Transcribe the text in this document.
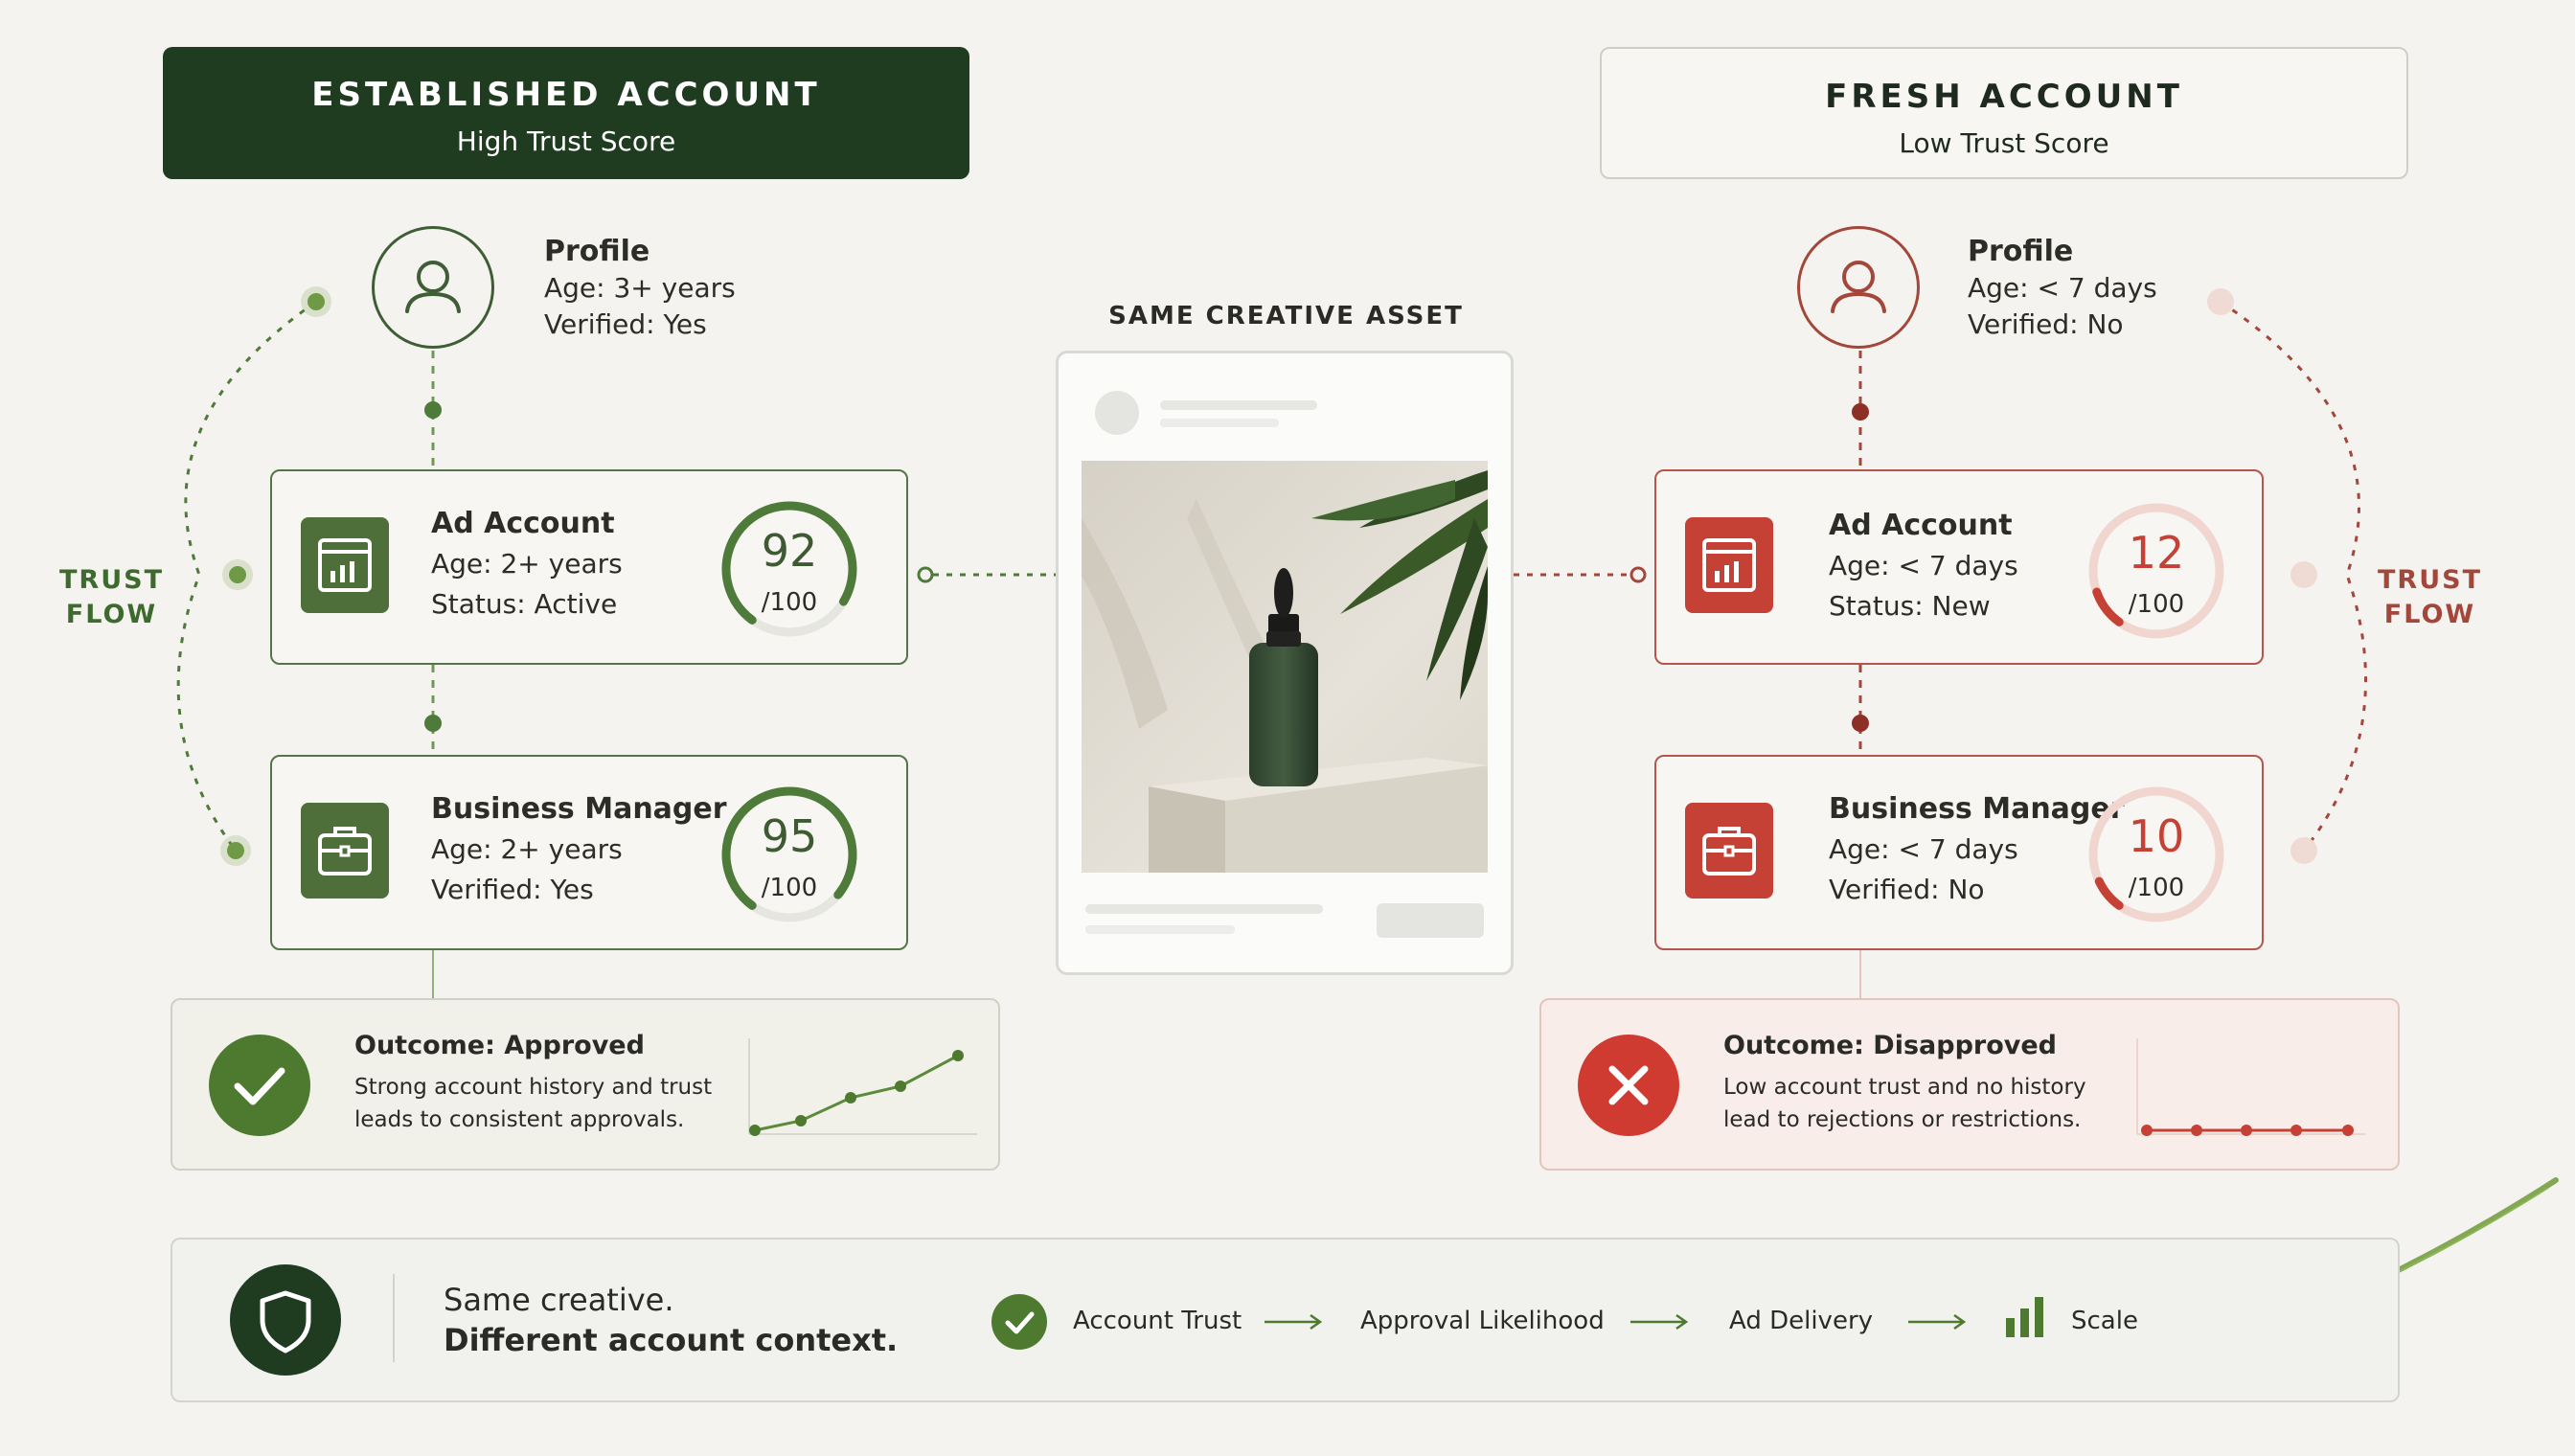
ESTABLISHED ACCOUNT
High Trust Score
FRESH ACCOUNT
Low Trust Score
TRUST
FLOW
TRUST
FLOW
Profile
Age: 3+ years
Verified: Yes
Profile
Age: < 7 days
Verified: No
Ad Account
Age: 2+ years
Status: Active
92
/100
Business Manager
Age: 2+ years
Verified: Yes
95
/100
Ad Account
Age: < 7 days
Status: New
12
/100
Business Manager
Age: < 7 days
Verified: No
10
/100
SAME CREATIVE ASSET
Outcome: Approved
Strong account history and trust leads to consistent approvals.
Outcome: Disapproved
Low account trust and no history lead to rejections or restrictions.
Same creative.
Different account context.
Account Trust	Approval Likelihood	Ad Delivery	Scale
